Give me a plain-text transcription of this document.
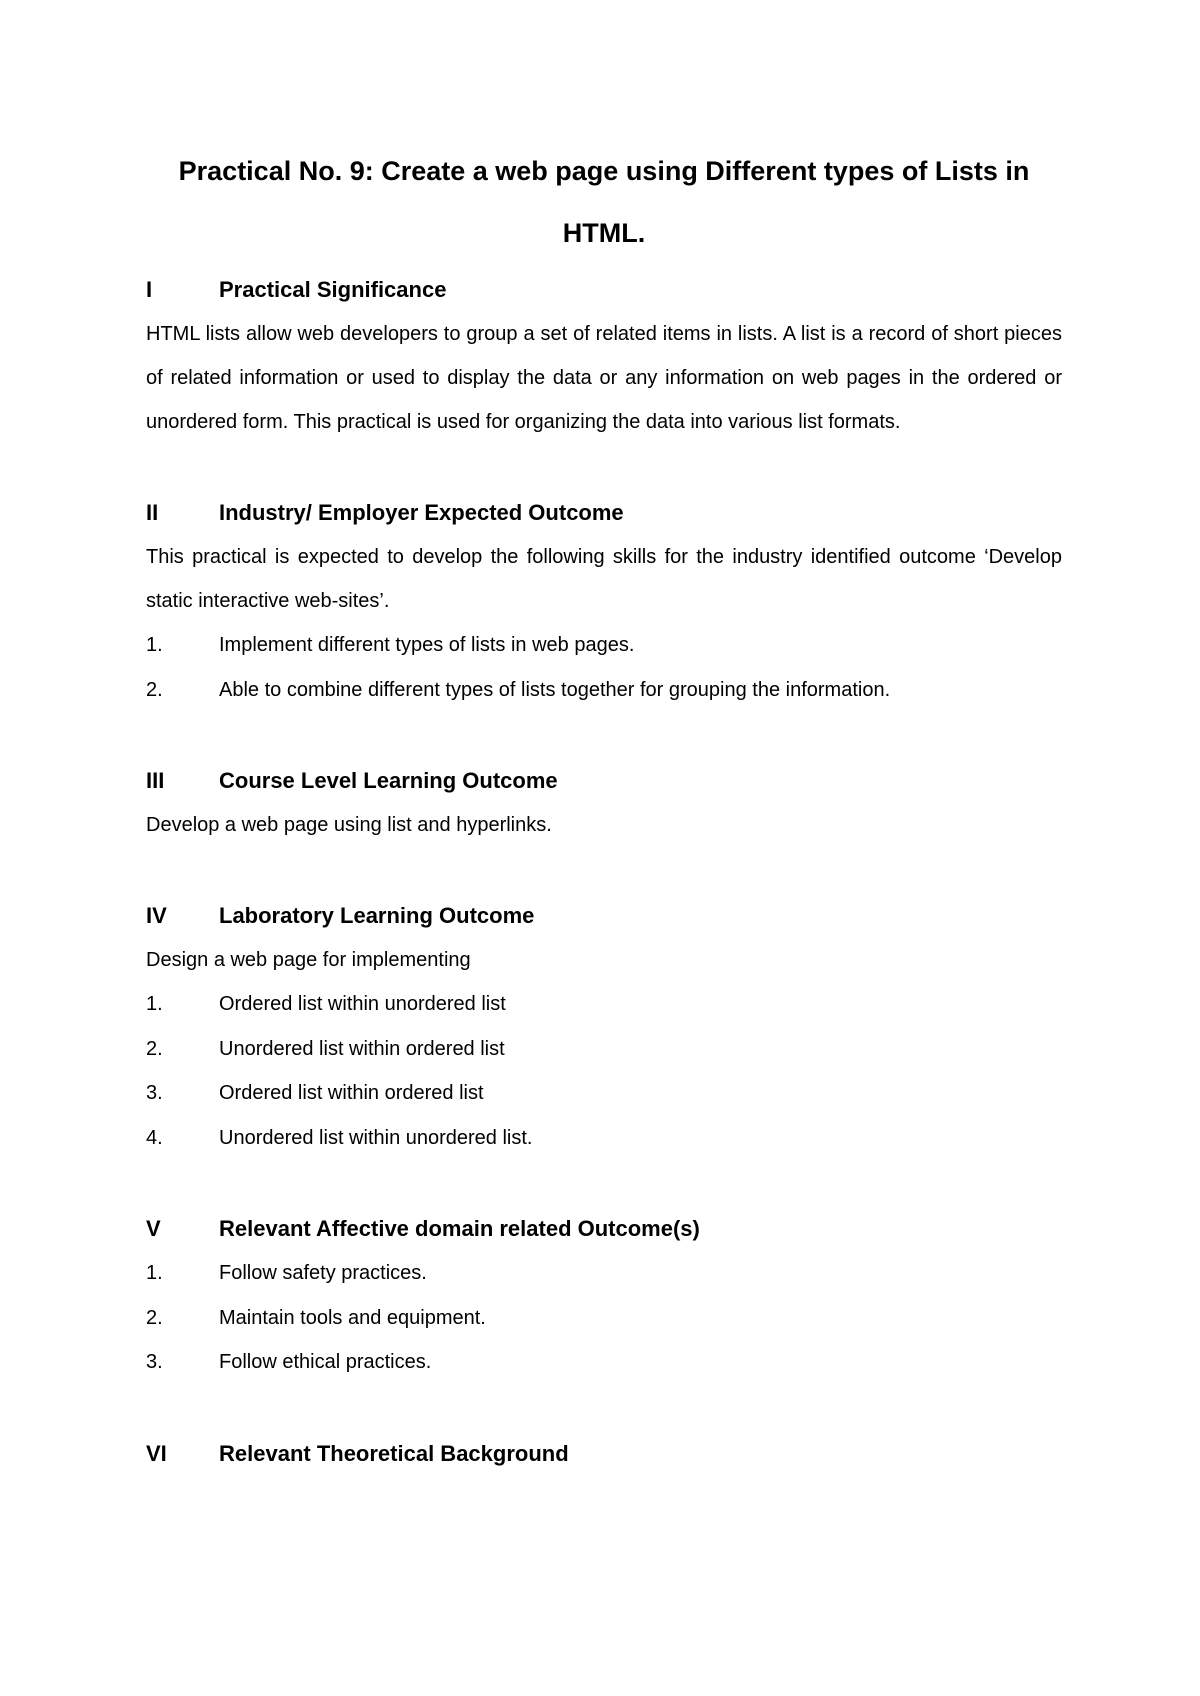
Practical No. 9: Create a web page using Different types of Lists in HTML.
I	Practical Significance

HTML lists allow web developers to group a set of related items in lists. A list is a record of short pieces of related information or used to display the data or any information on web pages in the ordered or unordered form. This practical is used for organizing the data into various list formats.

II	Industry/ Employer Expected Outcome

This practical is expected to develop the following skills for the industry identified outcome ‘Develop static interactive web-sites’.

1.	Implement different types of lists in web pages.
2.	Able to combine different types of lists together for grouping the information.
III	Course Level Learning Outcome

Develop a web page using list and hyperlinks.

IV	Laboratory Learning Outcome

Design a web page for implementing

1.	Ordered list within unordered list
2.	Unordered list within ordered list
3.	Ordered list within ordered list
4.	Unordered list within unordered list.
V	Relevant Affective domain related Outcome(s)
1.	Follow safety practices.
2.	Maintain tools and equipment.
3.	Follow ethical practices.
VI	Relevant Theoretical Background
